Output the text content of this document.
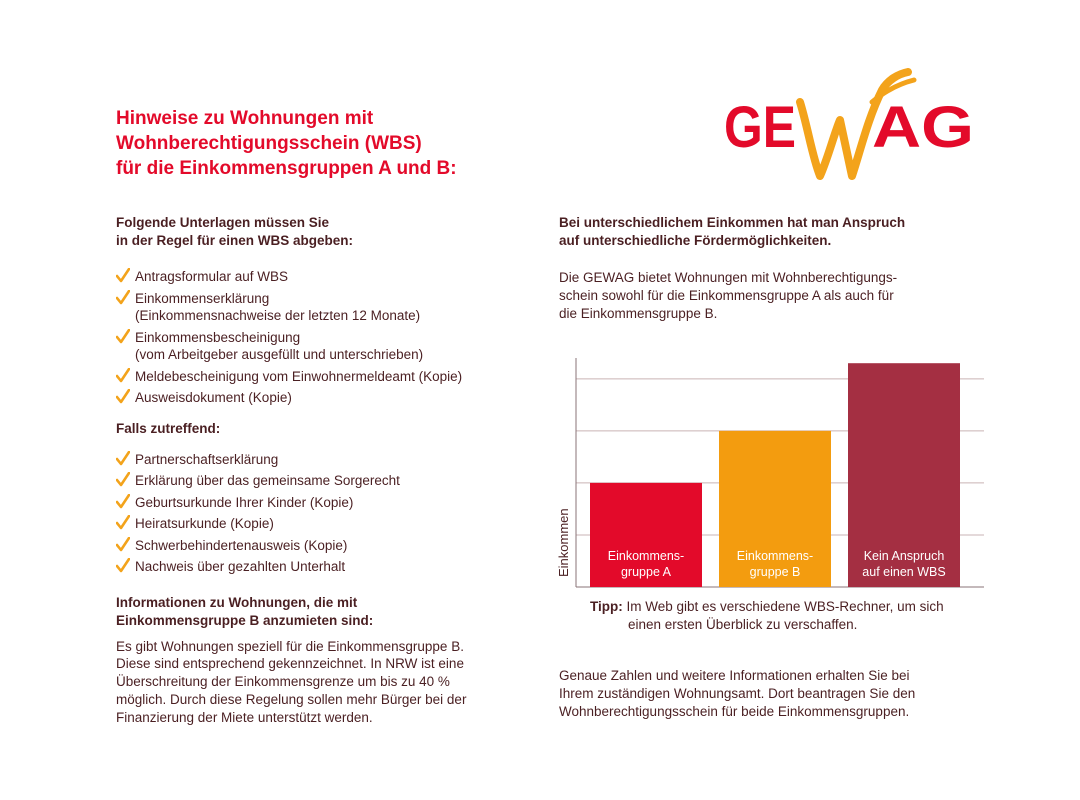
Hinweise zu Wohnungen mit
Wohnberechtigungsschein (WBS)
für die Einkommensgruppen A und B:
GE AG

Folgende Unterlagen müssen Sie
in der Regel für einen WBS abgeben:

Antragsformular auf WBS
Einkommenserklärung
(Einkommensnachweise der letzten 12 Monate)
Einkommensbescheinigung
(vom Arbeitgeber ausgefüllt und unterschrieben)
Meldebescheinigung vom Einwohnermeldeamt (Kopie)
Ausweisdokument (Kopie)

Falls zutreffend:

Partnerschaftserklärung
Erklärung über das gemeinsame Sorgerecht
Geburtsurkunde Ihrer Kinder (Kopie)
Heiratsurkunde (Kopie)
Schwerbehindertenausweis (Kopie)
Nachweis über gezahlten Unterhalt

Informationen zu Wohnungen, die mit
Einkommensgruppe B anzumieten sind:

Es gibt Wohnungen speziell für die Einkommensgruppe B.
Diese sind entsprechend gekennzeichnet. In NRW ist eine
Überschreitung der Einkommensgrenze um bis zu 40 %
möglich. Durch diese Regelung sollen mehr Bürger bei der
Finanzierung der Miete unterstützt werden.

Bei unterschiedlichem Einkommen hat man Anspruch
auf unterschiedliche Fördermöglichkeiten.

Die GEWAG bietet Wohnungen mit Wohnberechtigungs-
schein sowohl für die Einkommensgruppe A als auch für
die Einkommensgruppe B.

Einkommen	Einkommens-
gruppe A
Einkommens-
gruppe B
Kein Anspruch
auf einen WBS
Tipp: Im Web gibt es verschiedene WBS-Rechner, um sich
einen ersten Überblick zu verschaffen.

Genaue Zahlen und weitere Informationen erhalten Sie bei
Ihrem zuständigen Wohnungsamt. Dort beantragen Sie den
Wohnberechtigungsschein für beide Einkommensgruppen.
